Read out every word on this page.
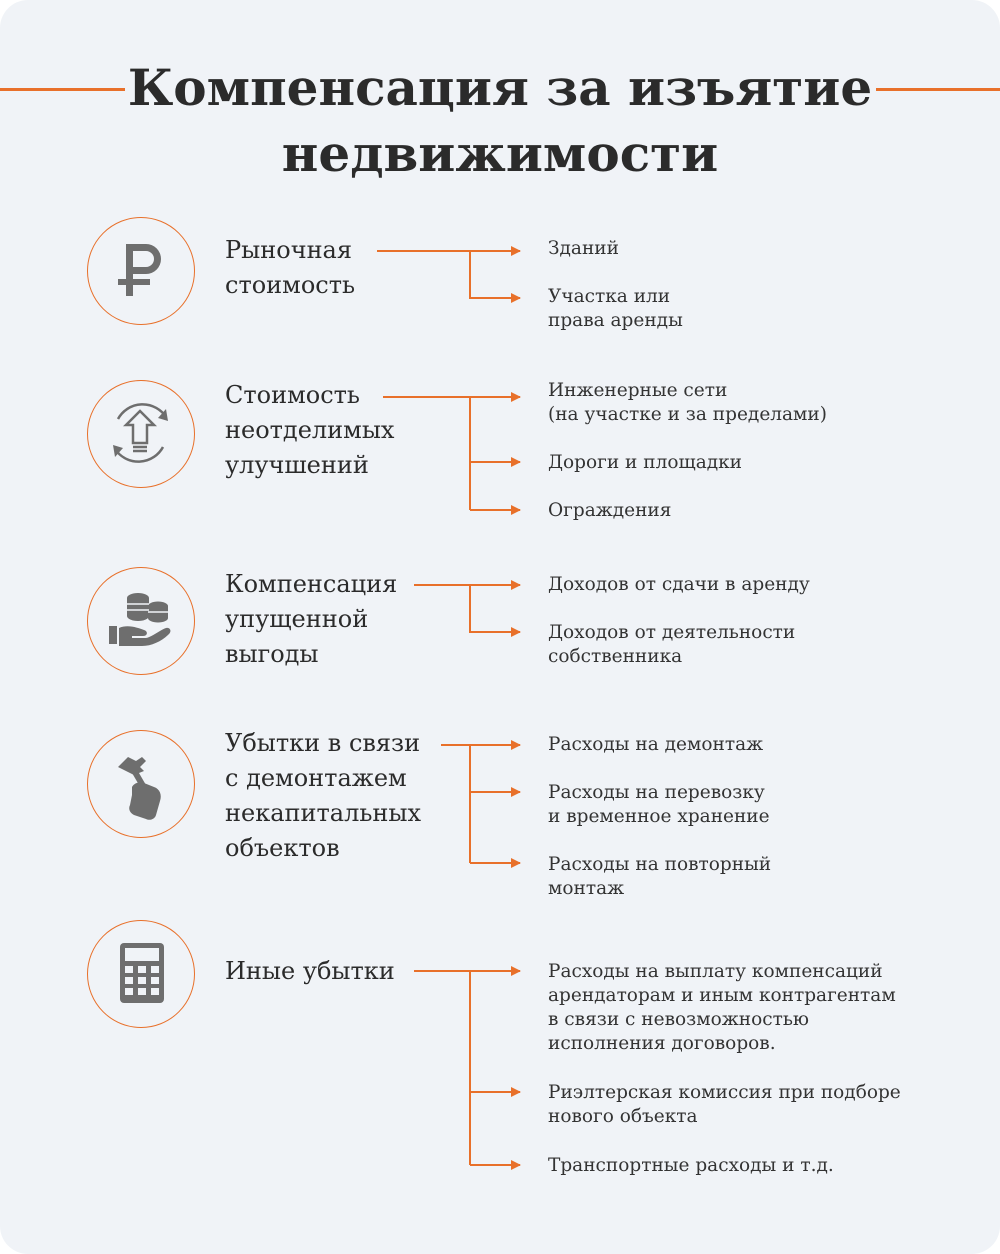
Компенсация за изъятие
недвижимости

Рыночная
стоимость

Зданий

Участка или
права аренды

Стоимость
неотделимых
улучшений

Инженерные сети
(на участке и за пределами)

Дороги и площадки

Ограждения

Компенсация
упущенной
выгоды

Доходов от сдачи в аренду

Доходов от деятельности
собственника

Убытки в связи
с демонтажем
некапитальных
объектов

Расходы на демонтаж

Расходы на перевозку
и временное хранение

Расходы на повторный
монтаж

Иные убытки	Расходы на выплату компенсаций
арендаторам и иным контрагентам
в связи с невозможностью
исполнения договоров.

Риэлтерская комиссия при подборе
нового объекта

Транспортные расходы и т.д.
